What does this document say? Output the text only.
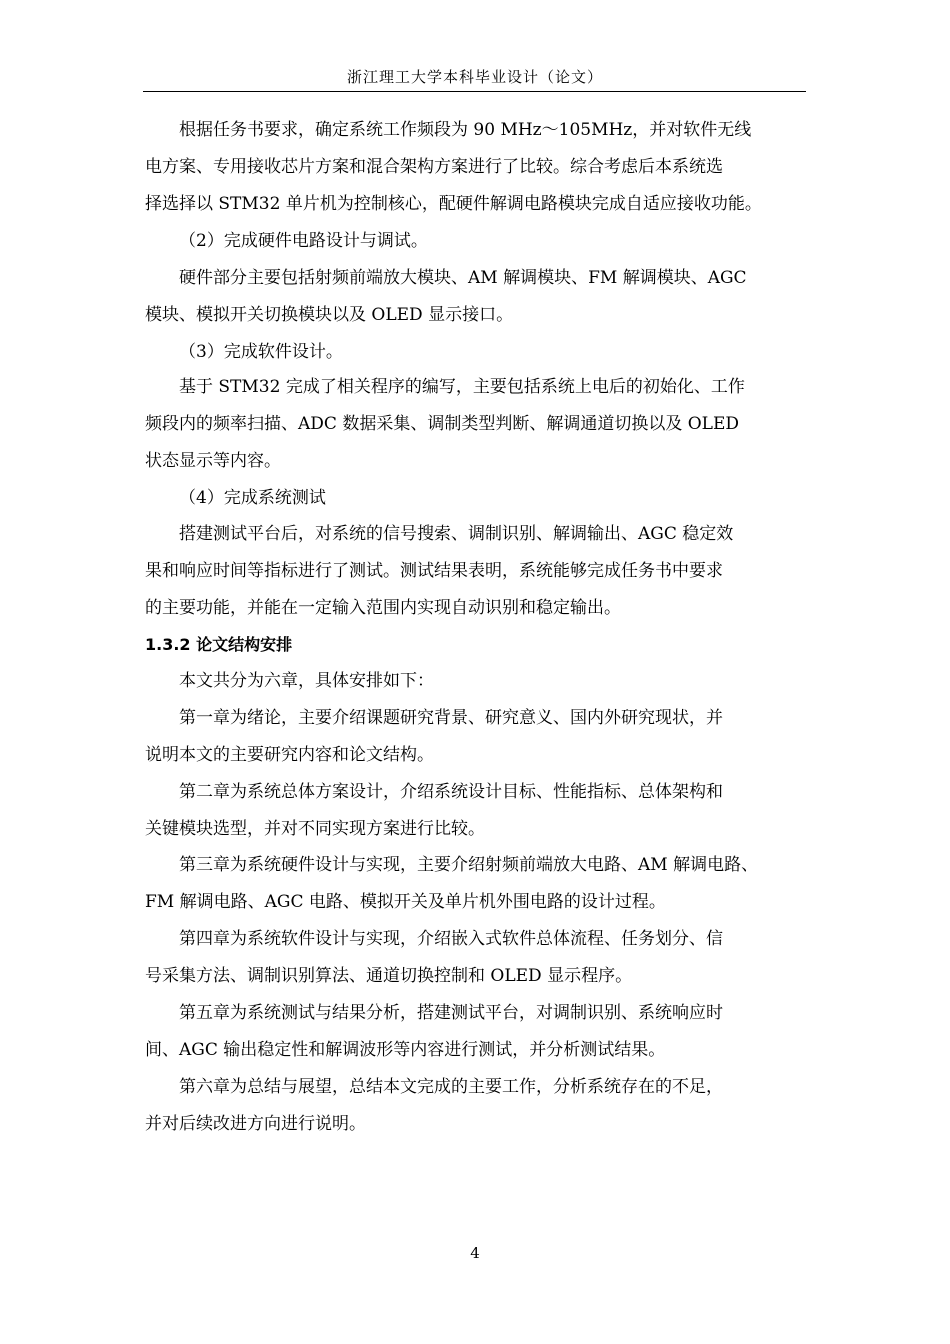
浙江理工大学本科毕业设计（论文）
根据任务书要求，确定系统工作频段为 90 MHz～105MHz，并对软件无线
电方案、专用接收芯片方案和混合架构方案进行了比较。综合考虑后本系统选
择选择以 STM32 单片机为控制核心，配硬件解调电路模块完成自适应接收功能。
（2）完成硬件电路设计与调试。
硬件部分主要包括射频前端放大模块、AM 解调模块、FM 解调模块、AGC
模块、模拟开关切换模块以及 OLED 显示接口。
（3）完成软件设计。
基于 STM32 完成了相关程序的编写，主要包括系统上电后的初始化、工作
频段内的频率扫描、ADC 数据采集、调制类型判断、解调通道切换以及 OLED
状态显示等内容。
（4）完成系统测试
搭建测试平台后，对系统的信号搜索、调制识别、解调输出、AGC 稳定效
果和响应时间等指标进行了测试。测试结果表明，系统能够完成任务书中要求
的主要功能，并能在一定输入范围内实现自动识别和稳定输出。
1.3.2 论文结构安排
本文共分为六章，具体安排如下：
第一章为绪论，主要介绍课题研究背景、研究意义、国内外研究现状，并
说明本文的主要研究内容和论文结构。
第二章为系统总体方案设计，介绍系统设计目标、性能指标、总体架构和
关键模块选型，并对不同实现方案进行比较。
第三章为系统硬件设计与实现，主要介绍射频前端放大电路、AM 解调电路、
FM 解调电路、AGC 电路、模拟开关及单片机外围电路的设计过程。
第四章为系统软件设计与实现，介绍嵌入式软件总体流程、任务划分、信
号采集方法、调制识别算法、通道切换控制和 OLED 显示程序。
第五章为系统测试与结果分析，搭建测试平台，对调制识别、系统响应时
间、AGC 输出稳定性和解调波形等内容进行测试，并分析测试结果。
第六章为总结与展望，总结本文完成的主要工作，分析系统存在的不足，
并对后续改进方向进行说明。
4
